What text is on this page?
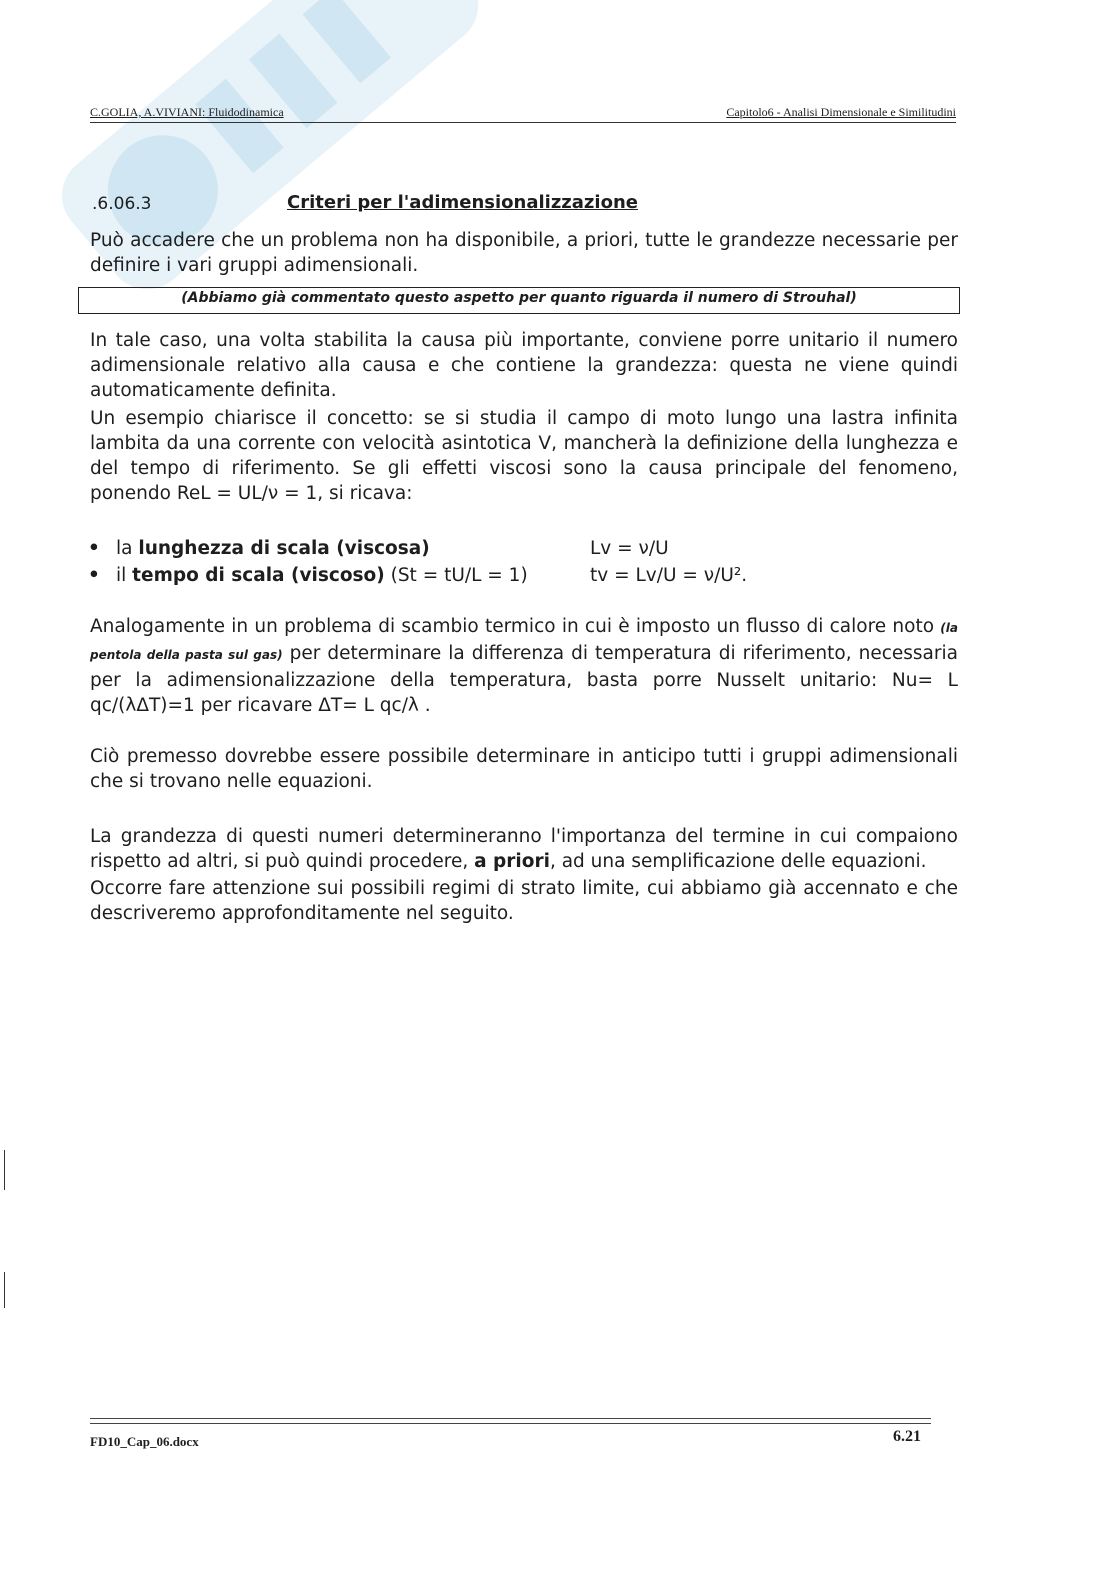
C.GOLIA, A.VIVIANI: Fluidodinamica	Capitolo6 - Analisi Dimensionale e Similitudini
.6.06.3	Criteri per l'adimensionalizzazione
Può accadere che un problema non ha disponibile, a priori, tutte le grandezze necessarie per definire i vari gruppi adimensionali.
(Abbiamo già commentato questo aspetto per quanto riguarda il numero di Strouhal)
In tale caso, una volta stabilita la causa più importante, conviene porre unitario il numero adimensionale relativo alla causa e che contiene la grandezza: questa ne viene quindi automaticamente definita.
Un esempio chiarisce il concetto: se si studia il campo di moto lungo una lastra infinita lambita da una corrente con velocità asintotica V, mancherà la definizione della lunghezza e del tempo di riferimento. Se gli effetti viscosi sono la causa principale del fenomeno, ponendo ReL = UL/ν = 1, si ricava:
• la lunghezza di scala (viscosa)	Lv = ν/U
• il tempo di scala (viscoso) (St = tU/L = 1)	tv = Lv/U = ν/U².
Analogamente in un problema di scambio termico in cui è imposto un flusso di calore noto (la pentola della pasta sul gas) per determinare la differenza di temperatura di riferimento, necessaria per la adimensionalizzazione della temperatura, basta porre Nusselt unitario: Nu= L qc/(λΔT)=1 per ricavare ΔT= L qc/λ .
Ciò premesso dovrebbe essere possibile determinare in anticipo tutti i gruppi adimensionali che si trovano nelle equazioni.
La grandezza di questi numeri determineranno l'importanza del termine in cui compaiono rispetto ad altri, si può quindi procedere, a priori, ad una semplificazione delle equazioni.
Occorre fare attenzione sui possibili regimi di strato limite, cui abbiamo già accennato e che descriveremo approfonditamente nel seguito.
FD10_Cap_06.docx	6.21
